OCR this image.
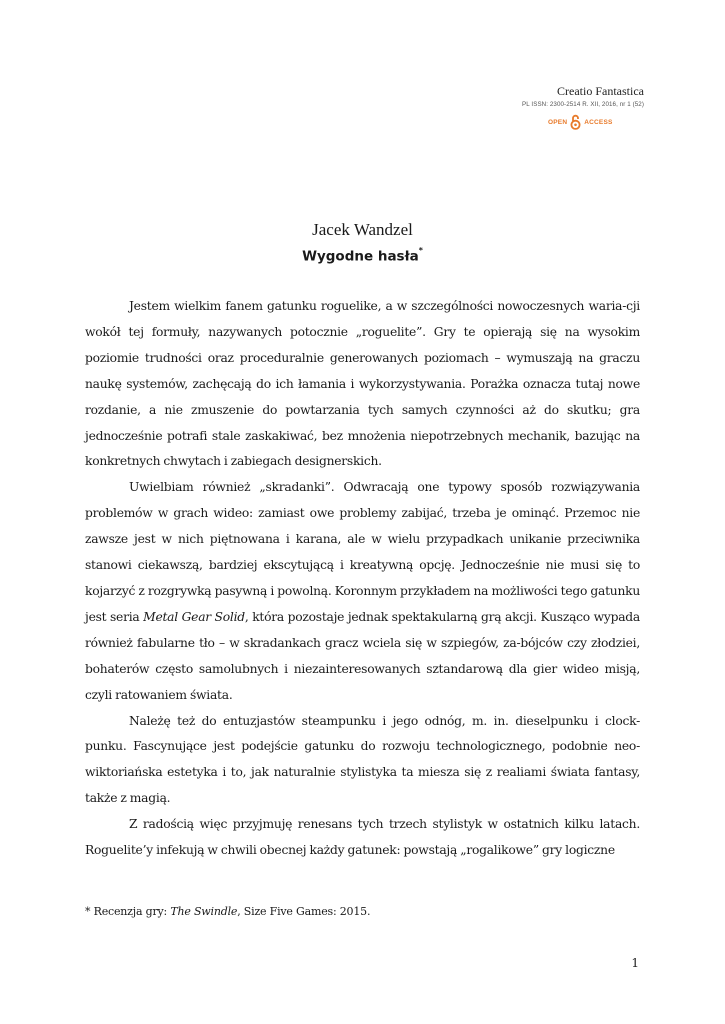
Creatio Fantastica
PL ISSN: 2300-2514 R. XII, 2016, nr 1 (52)
OPEN	ACCESS
Jacek Wandzel
Wygodne hasła*

Jestem wielkim fanem gatunku roguelike, a w szczególności nowoczesnych waria-cji wokół tej formuły, nazywanych potocznie „roguelite”. Gry te opierają się na wysokim poziomie trudności oraz proceduralnie generowanych poziomach – wymuszają na graczu naukę systemów, zachęcają do ich łamania i wykorzystywania. Porażka oznacza tutaj nowe rozdanie, a nie zmuszenie do powtarzania tych samych czynności aż do skutku; gra jednocześnie potrafi stale zaskakiwać, bez mnożenia niepotrzebnych mechanik, bazując na konkretnych chwytach i zabiegach designerskich.

Uwielbiam również „skradanki”. Odwracają one typowy sposób rozwiązywania problemów w grach wideo: zamiast owe problemy zabijać, trzeba je ominąć. Przemoc nie zawsze jest w nich piętnowana i karana, ale w wielu przypadkach unikanie przeciwnika stanowi ciekawszą, bardziej ekscytującą i kreatywną opcję. Jednocześnie nie musi się to kojarzyć z rozgrywką pasywną i powolną. Koronnym przykładem na możliwości tego gatunku jest seria Metal Gear Solid, która pozostaje jednak spektakularną grą akcji. Kusząco wypada również fabularne tło – w skradankach gracz wciela się w szpiegów, za-bójców czy złodziei, bohaterów często samolubnych i niezainteresowanych sztandarową dla gier wideo misją, czyli ratowaniem świata.

Należę też do entuzjastów steampunku i jego odnóg, m. in. dieselpunku i clock-punku. Fascynujące jest podejście gatunku do rozwoju technologicznego, podobnie neo-wiktoriańska estetyka i to, jak naturalnie stylistyka ta miesza się z realiami świata fantasy, także z magią.

Z radością więc przyjmuję renesans tych trzech stylistyk w ostatnich kilku latach. Roguelite’y infekują w chwili obecnej każdy gatunek: powstają „rogalikowe” gry logiczne

* Recenzja gry: The Swindle, Size Five Games: 2015.
1
